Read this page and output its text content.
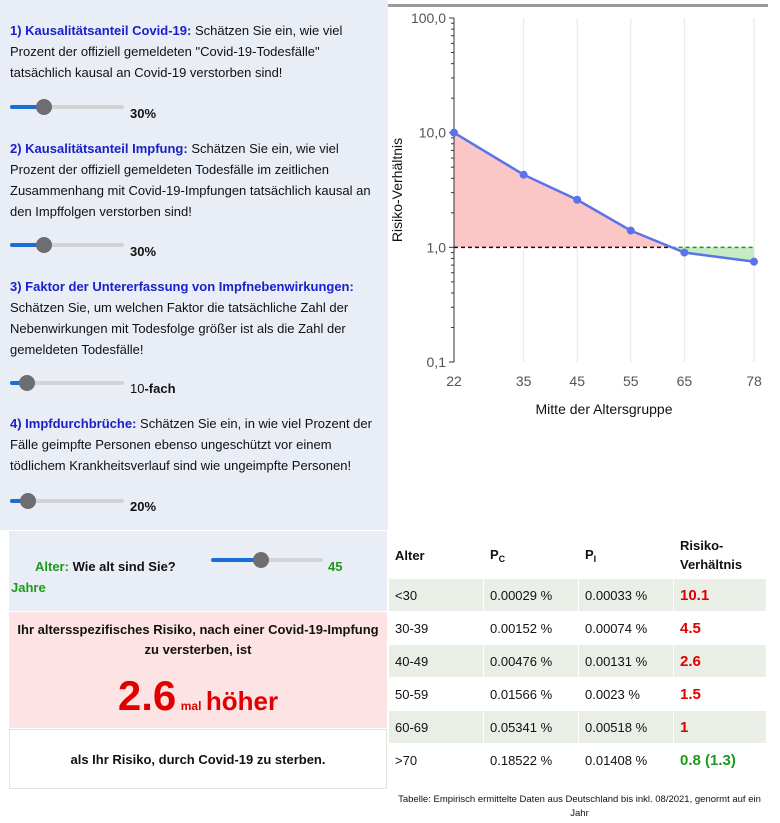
1) Kausalitätsanteil Covid-19: Schätzen Sie ein, wie viel Prozent der offiziell gemeldeten "Covid-19-Todesfälle" tatsächlich kausal an Covid-19 verstorben sind!
30%
2) Kausalitätsanteil Impfung: Schätzen Sie ein, wie viel Prozent der offiziell gemeldeten Todesfälle im zeitlichen Zusammenhang mit Covid-19-Impfungen tatsächlich kausal an den Impffolgen verstorben sind!
30%
3) Faktor der Untererfassung von Impfnebenwirkungen: Schätzen Sie, um welchen Faktor die tatsächliche Zahl der Nebenwirkungen mit Todesfolge größer ist als die Zahl der gemeldeten Todesfälle!
10-fach
4) Impfdurchbrüche: Schätzen Sie ein, in wie viel Prozent der Fälle geimpfte Personen ebenso ungeschützt vor einem tödlichem Krankheitsverlauf sind wie ungeimpfte Personen!
20%
0,1
1,0
10,0
100,0
22	35	45	55	65	78
Mitte der Altersgruppe
Risiko-Verhältnis
Alter: Wie alt sind Sie?	45
Jahre
Ihr altersspezifisches Risiko, nach einer Covid-19-Impfung zu versterben, ist
2.6 mal höher
als Ihr Risiko, durch Covid-19 zu sterben.
Alter	$P_C$	$P_I$	Risiko-Verhältnis
<30	0.00029 %	0.00033 %	10.1
30-39	0.00152 %	0.00074 %	4.5
40-49	0.00476 %	0.00131 %	2.6
50-59	0.01566 %	0.0023 %	1.5
60-69	0.05341 %	0.00518 %	1
>70	0.18522 %	0.01408 %	0.8 (1.3)
Tabelle: Empirisch ermittelte Daten aus Deutschland bis inkl. 08/2021, genormt auf ein Jahr
